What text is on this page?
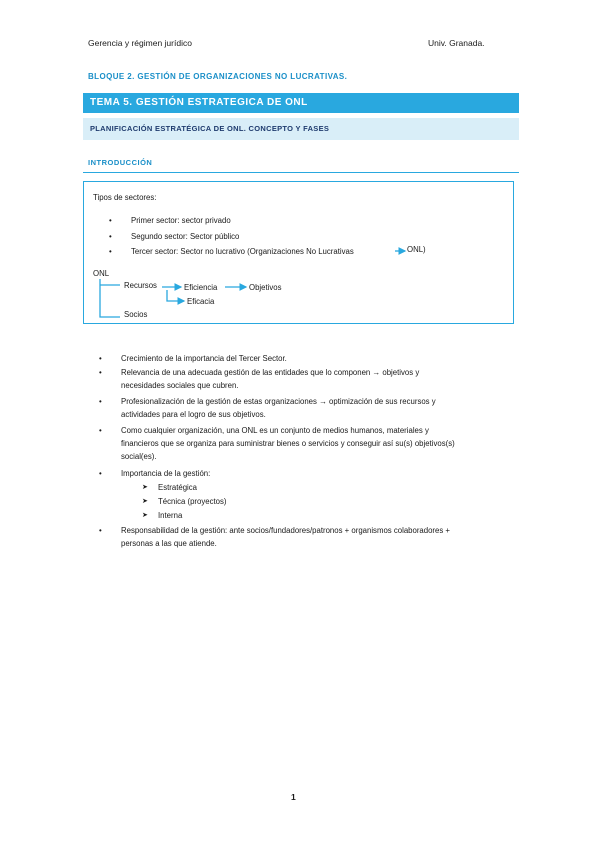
Gerencia y régimen jurídico	Univ. Granada.
BLOQUE 2. GESTIÓN DE ORGANIZACIONES NO LUCRATIVAS.
TEMA 5. GESTIÓN ESTRATEGICA DE ONL
PLANIFICACIÓN ESTRATÉGICA DE ONL. CONCEPTO Y FASES
INTRODUCCIÓN
Tipos de sectores:
• Primer sector: sector privado
• Segundo sector: Sector público
• Tercer sector: Sector no lucrativo (Organizaciones No Lucrativas	ONL)
ONL
Recursos	Eficiencia	Objetivos
Eficacia
Socios
• Crecimiento de la importancia del Tercer Sector.
• Relevancia de una adecuada gestión de las entidades que lo componen → objetivos y
necesidades sociales que cubren.
• Profesionalización de la gestión de estas organizaciones → optimización de sus recursos y
actividades para el logro de sus objetivos.
• Como cualquier organización, una ONL es un conjunto de medios humanos, materiales y
financieros que se organiza para suministrar bienes o servicios y conseguir así su(s) objetivos(s)
social(es).
• Importancia de la gestión:
➤ Estratégica
➤ Técnica (proyectos)
➤ Interna
• Responsabilidad de la gestión: ante socios/fundadores/patronos + organismos colaboradores +
personas a las que atiende.
1
